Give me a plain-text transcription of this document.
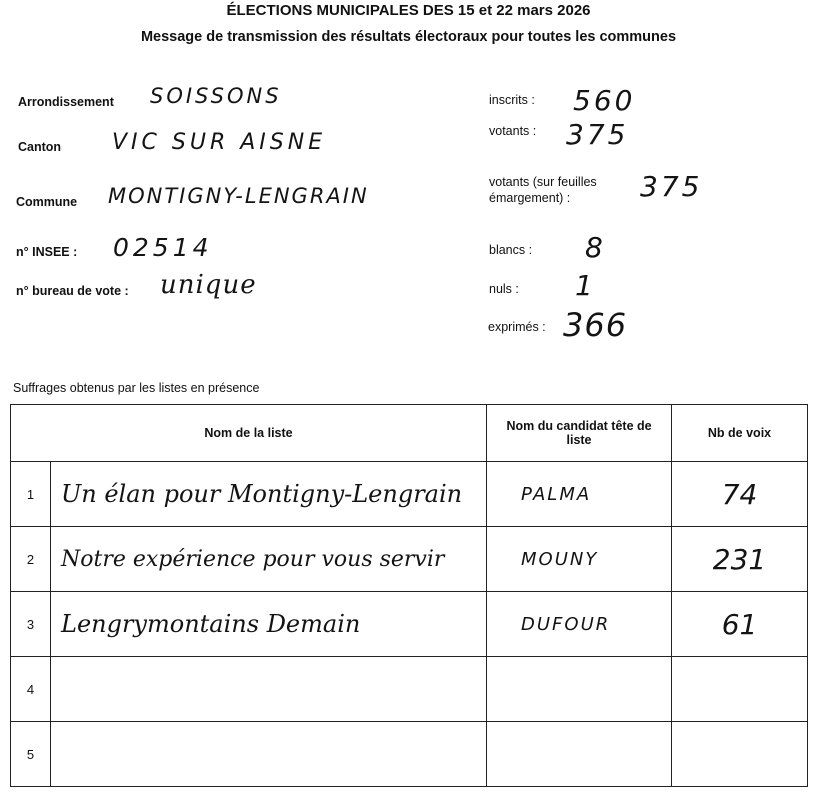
ÉLECTIONS MUNICIPALES DES 15 et 22 mars 2026
Message de transmission des résultats électoraux pour toutes les communes
Arrondissement SOISSONS
Canton VIC SUR AISNE
Commune MONTIGNY-LENGRAIN
n° INSEE : 02514
n° bureau de vote : unique
inscrits : 560
votants : 375
votants (sur feuilles
émargement) : 375
blancs : 8
nuls : 1
exprimés : 366
Suffrages obtenus par les listes en présence
Nom de la liste		Nom du candidat tête de
liste	Nb de voix
1	Un élan pour Montigny-Lengrain	PALMA	74
2	Notre expérience pour vous servir	MOUNY	231
3	Lengrymontains Demain	DUFOUR	61
4			
5			
